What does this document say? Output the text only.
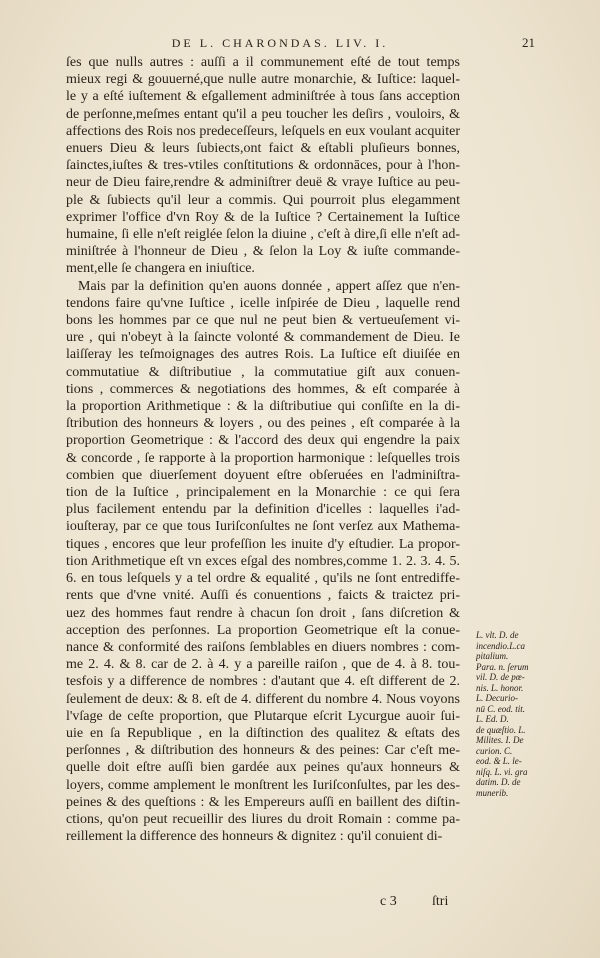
DE L. CHARONDAS. LIV. I.	21
ſes que nulls autres : auſſi a il communement eſté de tout temps
mieux regi & gouuerné,que nulle autre monarchie, & Iuſtice: laquel-
le y a eſté iuſtement & eſgallement adminiſtrée à tous ſans acception
de perſonne,meſmes entant qu'il a peu toucher les deſirs , vouloirs, &
affections des Rois nos predeceſſeurs, leſquels en eux voulant acquiter
enuers Dieu & leurs ſubiects,ont faict & eſtabli pluſieurs bonnes,
ſainctes,iuſtes & tres-vtiles conſtitutions & ordonnāces, pour à l'hon-
neur de Dieu faire,rendre & adminiſtrer deuë & vraye Iuſtice au peu-
ple & ſubiects qu'il leur a commis. Qui pourroit plus elegamment
exprimer l'office d'vn Roy & de la Iuſtice ? Certainement la Iuſtice
humaine, ſi elle n'eſt reiglée ſelon la diuine , c'eſt à dire,ſi elle n'eſt ad-
miniſtrée à l'honneur de Dieu , & ſelon la Loy & iuſte commande-
ment,elle ſe changera en iniuſtice.
Mais par la definition qu'en auons donnée , appert aſſez que n'en-
tendons faire qu'vne Iuſtice , icelle inſpirée de Dieu , laquelle rend
bons les hommes par ce que nul ne peut bien & vertueuſement vi-
ure , qui n'obeyt à la ſaincte volonté & commandement de Dieu. Ie
laiſſeray les teſmoignages des autres Rois. La Iuſtice eſt diuiſée en
commutatiue & diſtributiue , la commutatiue giſt aux conuen-
tions , commerces & negotiations des hommes, & eſt comparée à
la proportion Arithmetique : & la diſtributiue qui conſiſte en la di-
ſtribution des honneurs & loyers , ou des peines , eſt comparée à la
proportion Geometrique : & l'accord des deux qui engendre la paix
& concorde , ſe rapporte à la proportion harmonique : leſquelles trois
combien que diuerſement doyuent eſtre obſeruées en l'adminiſtra-
tion de la Iuſtice , principalement en la Monarchie : ce qui ſera
plus facilement entendu par la definition d'icelles : laquelles i'ad-
iouſteray, par ce que tous Iuriſconſultes ne ſont verſez aux Mathema-
tiques , encores que leur profeſſion les inuite d'y eſtudier. La propor-
tion Arithmetique eſt vn exces eſgal des nombres,comme 1. 2. 3. 4. 5.
6. en tous leſquels y a tel ordre & equalité , qu'ils ne ſont entrediffe-
rents que d'vne vnité. Auſſi és conuentions , faicts & traictez pri-
uez des hommes faut rendre à chacun ſon droit , ſans diſcretion &
acception des perſonnes. La proportion Geometrique eſt la conue-
nance & conformité des raiſons ſemblables en diuers nombres : com-
me 2. 4. & 8. car de 2. à 4. y a pareille raiſon , que de 4. à 8. tou-
tesfois y a difference de nombres : d'autant que 4. eſt different de 2.
ſeulement de deux: & 8. eſt de 4. different du nombre 4. Nous voyons
l'vſage de ceſte proportion, que Plutarque eſcrit Lycurgue auoir ſui-
uie en ſa Republique , en la diſtinction des qualitez & eſtats des
perſonnes , & diſtribution des honneurs & des peines: Car c'eſt me-
quelle doit eſtre auſſi bien gardée aux peines qu'aux honneurs &
loyers, comme amplement le monſtrent les Iuriſconſultes, par les des-
peines & des queſtions : & les Empereurs auſſi en baillent des diſtin-
ctions, qu'on peut recueillir des liures du droit Romain : comme pa-
reillement la difference des honneurs & dignitez : qu'il conuient di-
L. vlt. D. de
incendio.L.ca
pitalium.
Para. n. ſerum
vil. D. de pœ-
nis. L. honor.
L. Decurio-
nū C. eod. tit.
L. Ed. D.
de quæſtio. L.
Milites. I. De
curion. C.
eod. & L. le-
niſq. L. vi. gra
datim. D. de
munerib.
c 3	ſtri
